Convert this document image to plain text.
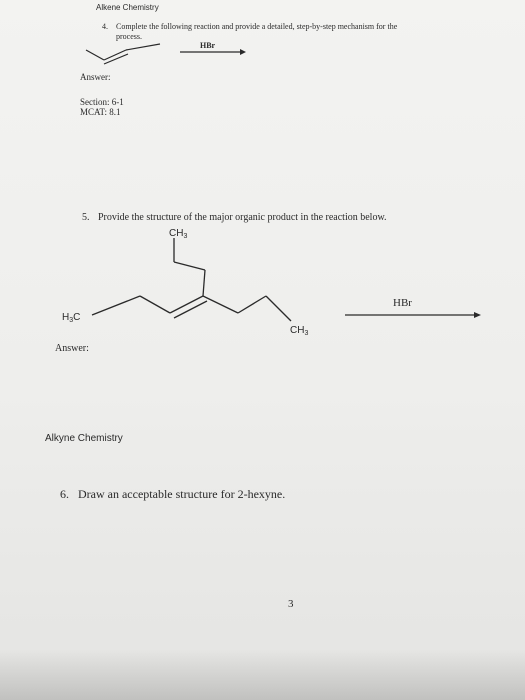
Alkene Chemistry
4. Complete the following reaction and provide a detailed, step-by-step mechanism for the
process.
HBr
Answer:
Section: 6-1
MCAT: 8.1
5. Provide the structure of the major organic product in the reaction below.
$CH_3$
$H_3C$
$CH_3$
HBr
Answer:
Alkyne Chemistry
6. Draw an acceptable structure for 2-hexyne.
3
